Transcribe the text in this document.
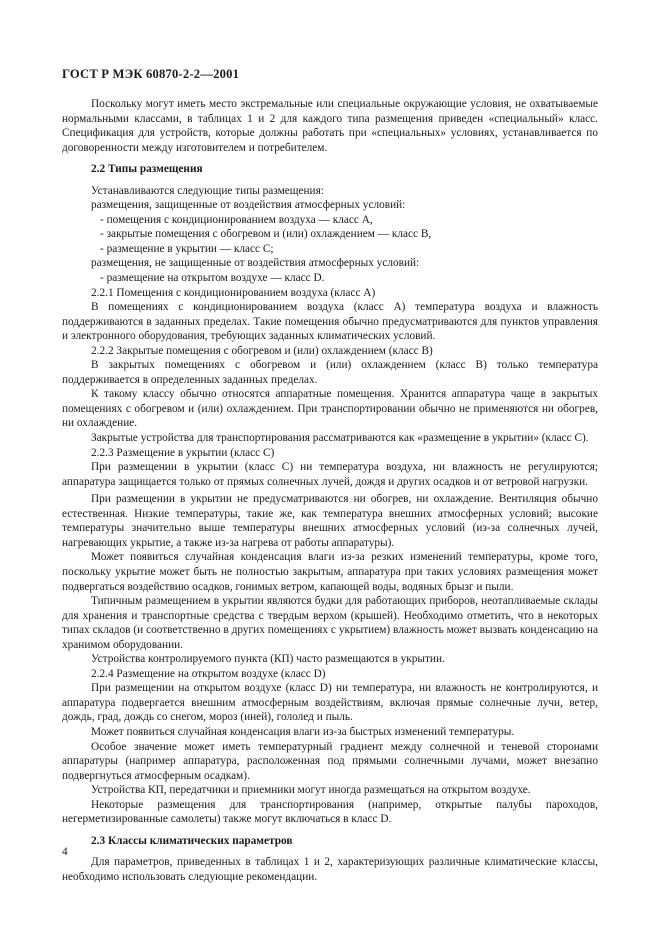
ГОСТ Р МЭК 60870-2-2—2001

Поскольку могут иметь место экстремальные или специальные окружающие условия, не охватываемые нормальными классами, в таблицах 1 и 2 для каждого типа размещения приведен «специальный» класс. Спецификация для устройств, которые должны работать при «специальных» условиях, устанавливается по договоренности между изготовителем и потребителем.

2.2 Типы размещения

Устанавливаются следующие типы размещения:

размещения, защищенные от воздействия атмосферных условий:

- помещения с кондиционированием воздуха — класс А,

- закрытые помещения с обогревом и (или) охлаждением — класс В,

- размещение в укрытии — класс С;

размещения, не защищенные от воздействия атмосферных условий:

- размещение на открытом воздухе — класс D.

2.2.1 Помещения с кондиционированием воздуха (класс А)

В помещениях с кондиционированием воздуха (класс А) температура воздуха и влажность поддерживаются в заданных пределах. Такие помещения обычно предусматриваются для пунктов управления и электронного оборудования, требующих заданных климатических условий.

2.2.2 Закрытые помещения с обогревом и (или) охлаждением (класс В)

В закрытых помещениях с обогревом и (или) охлаждением (класс В) только температура поддерживается в определенных заданных пределах.

К такому классу обычно относятся аппаратные помещения. Хранится аппаратура чаще в закрытых помещениях с обогревом и (или) охлаждением. При транспортировании обычно не применяются ни обогрев, ни охлаждение.

Закрытые устройства для транспортирования рассматриваются как «размещение в укрытии» (класс С).

2.2.3 Размещение в укрытии (класс С)

При размещении в укрытии (класс С) ни температура воздуха, ни влажность не регулируются; аппаратура защищается только от прямых солнечных лучей, дождя и других осадков и от ветровой нагрузки.

При размещении в укрытии не предусматриваются ни обогрев, ни охлаждение. Вентиляция обычно естественная. Низкие температуры, такие же, как температура внешних атмосферных условий; высокие температуры значительно выше температуры внешних атмосферных условий (из-за солнечных лучей, нагревающих укрытие, а также из-за нагрева от работы аппаратуры).

Может появиться случайная конденсация влаги из-за резких изменений температуры, кроме того, поскольку укрытие может быть не полностью закрытым, аппаратура при таких условиях размещения может подвергаться воздействию осадков, гонимых ветром, капающей воды, водяных брызг и пыли.

Типичным размещением в укрытии являются будки для работающих приборов, неотапливаемые склады для хранения и транспортные средства с твердым верхом (крышей). Необходимо отметить, что в некоторых типах складов (и соответственно в других помещениях с укрытием) влажность может вызвать конденсацию на хранимом оборудовании.

Устройства контролируемого пункта (КП) часто размещаются в укрытии.

2.2.4 Размещение на открытом воздухе (класс D)

При размещении на открытом воздухе (класс D) ни температура, ни влажность не контролируются, и аппаратура подвергается внешним атмосферным воздействиям, включая прямые солнечные лучи, ветер, дождь, град, дождь со снегом, мороз (иней), гололед и пыль.

Может появиться случайная конденсация влаги из-за быстрых изменений температуры.

Особое значение может иметь температурный градиент между солнечной и теневой сторонами аппаратуры (например аппаратура, расположенная под прямыми солнечными лучами, может внезапно подвергнуться атмосферным осадкам).

Устройства КП, передатчики и приемники могут иногда размещаться на открытом воздухе.

Некоторые размещения для транспортирования (например, открытые палубы пароходов, негерметизированные самолеты) также могут включаться в класс D.

2.3 Классы климатических параметров

Для параметров, приведенных в таблицах 1 и 2, характеризующих различные климатические классы, необходимо использовать следующие рекомендации.

4
